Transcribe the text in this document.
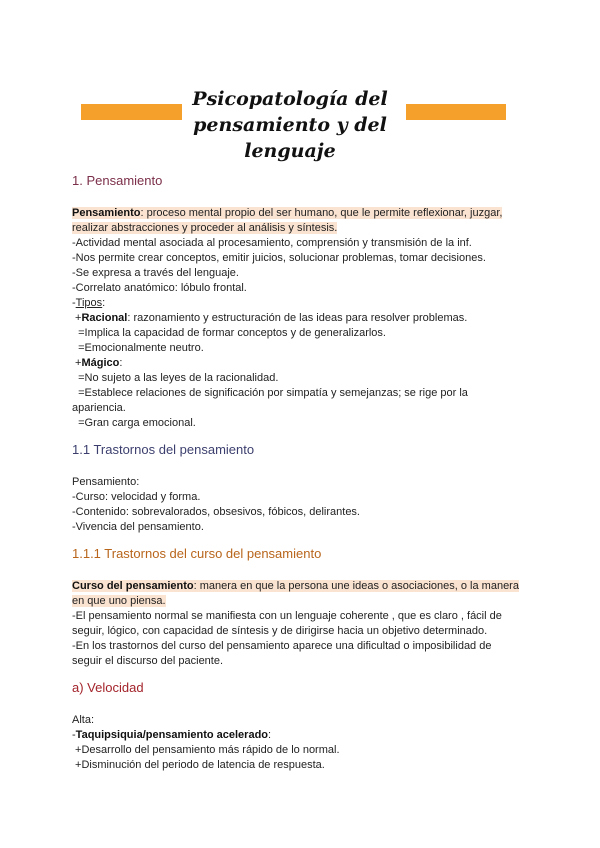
Psicopatología del
pensamiento y del lenguaje
1. Pensamiento

Pensamiento: proceso mental propio del ser humano, que le permite reflexionar, juzgar,

realizar abstracciones y proceder al análisis y síntesis.

-Actividad mental asociada al procesamiento, comprensión y transmisión de la inf.

-Nos permite crear conceptos, emitir juicios, solucionar problemas, tomar decisiones.

-Se expresa a través del lenguaje.

-Correlato anatómico: lóbulo frontal.

-Tipos:

+Racional: razonamiento y estructuración de las ideas para resolver problemas.

=Implica la capacidad de formar conceptos y de generalizarlos.

=Emocionalmente neutro.

+Mágico:

=No sujeto a las leyes de la racionalidad.

=Establece relaciones de significación por simpatía y semejanzas; se rige por la

apariencia.

=Gran carga emocional.

1.1 Trastornos del pensamiento

Pensamiento:

-Curso: velocidad y forma.

-Contenido: sobrevalorados, obsesivos, fóbicos, delirantes.

-Vivencia del pensamiento.

1.1.1 Trastornos del curso del pensamiento

Curso del pensamiento: manera en que la persona une ideas o asociaciones, o la manera

en que uno piensa.

-El pensamiento normal se manifiesta con un lenguaje coherente , que es claro , fácil de

seguir, lógico, con capacidad de síntesis y de dirigirse hacia un objetivo determinado.

-En los trastornos del curso del pensamiento aparece una dificultad o imposibilidad de

seguir el discurso del paciente.

a) Velocidad

Alta:

-Taquipsiquia/pensamiento acelerado:

+Desarrollo del pensamiento más rápido de lo normal.

+Disminución del periodo de latencia de respuesta.
